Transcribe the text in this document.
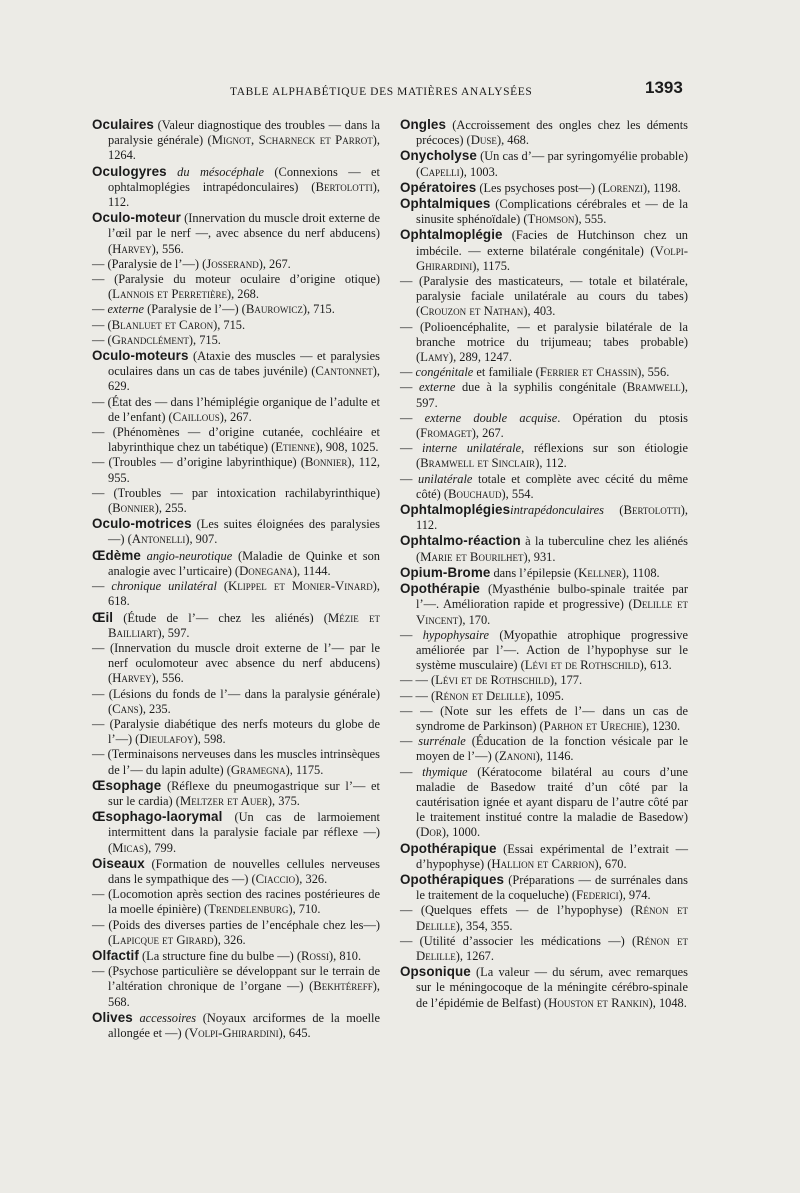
TABLE ALPHABÉTIQUE DES MATIÈRES ANALYSÉES	1393

Oculaires (Valeur diagnostique des troubles — dans la paralysie générale) (Mignot, Scharneck et Parrot), 1264.

Oculogyres du mésocéphale (Connexions — et ophtalmoplégies intrapédonculaires) (Bertolotti), 112.

Oculo-moteur (Innervation du muscle droit externe de l’œil par le nerf —, avec absence du nerf abducens) (Harvey), 556.

— (Paralysie de l’—) (Josserand), 267.

— (Paralysie du moteur oculaire d’origine otique) (Lannois et Perretière), 268.

— externe (Paralysie de l’—) (Baurowicz), 715.

— (Blanluet et Caron), 715.

— (Grandclément), 715.

Oculo-moteurs (Ataxie des muscles — et paralysies oculaires dans un cas de tabes juvénile) (Cantonnet), 629.

— (État des — dans l’hémiplégie organique de l’adulte et de l’enfant) (Caillous), 267.

— (Phénomènes — d’origine cutanée, cochléaire et labyrinthique chez un tabétique) (Etienne), 908, 1025.

— (Troubles — d’origine labyrinthique) (Bonnier), 112, 955.

— (Troubles — par intoxication rachilabyrinthique) (Bonnier), 255.

Oculo-motrices (Les suites éloignées des paralysies —) (Antonelli), 907.

Œdème angio-neurotique (Maladie de Quinke et son analogie avec l’urticaire) (Donegana), 1144.

— chronique unilatéral (Klippel et Monier-Vinard), 618.

Œil (Étude de l’— chez les aliénés) (Mézie et Bailliart), 597.

— (Innervation du muscle droit externe de l’— par le nerf oculomoteur avec absence du nerf abducens) (Harvey), 556.

— (Lésions du fonds de l’— dans la paralysie générale) (Cans), 235.

— (Paralysie diabétique des nerfs moteurs du globe de l’—) (Dieulafoy), 598.

— (Terminaisons nerveuses dans les muscles intrinsèques de l’— du lapin adulte) (Gramegna), 1175.

Œsophage (Réflexe du pneumogastrique sur l’— et sur le cardia) (Meltzer et Auer), 375.

Œsophago-laorymal (Un cas de larmoiement intermittent dans la paralysie faciale par réflexe —) (Micas), 799.

Oiseaux (Formation de nouvelles cellules nerveuses dans le sympathique des —) (Ciaccio), 326.

— (Locomotion après section des racines postérieures de la moelle épinière) (Trendelenburg), 710.

— (Poids des diverses parties de l’encéphale chez les—) (Lapicque et Girard), 326.

Olfactif (La structure fine du bulbe —) (Rossi), 810.

— (Psychose particulière se développant sur le terrain de l’altération chronique de l’organe —) (Bekhtéreff), 568.

Olives accessoires (Noyaux arciformes de la moelle allongée et —) (Volpi-Ghirardini), 645.

Ongles (Accroissement des ongles chez les déments précoces) (Duse), 468.

Onycholyse (Un cas d’— par syringomyélie probable) (Capelli), 1003.

Opératoires (Les psychoses post—) (Lorenzi), 1198.

Ophtalmiques (Complications cérébrales et — de la sinusite sphénoïdale) (Thomson), 555.

Ophtalmoplégie (Facies de Hutchinson chez un imbécile. — externe bilatérale congénitale) (Volpi-Ghirardini), 1175.

— (Paralysie des masticateurs, — totale et bilatérale, paralysie faciale unilatérale au cours du tabes) (Crouzon et Nathan), 403.

— (Polioencéphalite, — et paralysie bilatérale de la branche motrice du trijumeau; tabes probable) (Lamy), 289, 1247.

— congénitale et familiale (Ferrier et Chassin), 556.

— externe due à la syphilis congénitale (Bramwell), 597.

— externe double acquise. Opération du ptosis (Fromaget), 267.

— interne unilatérale, réflexions sur son étiologie (Bramwell et Sinclair), 112.

— unilatérale totale et complète avec cécité du même côté) (Bouchaud), 554.

Ophtalmoplégiesintrapédonculaires (Bertolotti), 112.

Ophtalmo-réaction à la tuberculine chez les aliénés (Marie et Bourilhet), 931.

Opium-Brome dans l’épilepsie (Kellner), 1108.

Opothérapie (Myasthénie bulbo-spinale traitée par l’—. Amélioration rapide et progressive) (Delille et Vincent), 170.

— hypophysaire (Myopathie atrophique progressive améliorée par l’—. Action de l’hypophyse sur le système musculaire) (Lévi et de Rothschild), 613.

— — (Lévi et de Rothschild), 177.

— — (Rénon et Delille), 1095.

— — (Note sur les effets de l’— dans un cas de syndrome de Parkinson) (Parhon et Urechie), 1230.

— surrénale (Éducation de la fonction vésicale par le moyen de l’—) (Zanoni), 1146.

— thymique (Kératocome bilatéral au cours d’une maladie de Basedow traité d’un côté par la cautérisation ignée et ayant disparu de l’autre côté par le traitement institué contre la maladie de Basedow) (Dor), 1000.

Opothérapique (Essai expérimental de l’extrait — d’hypophyse) (Hallion et Carrion), 670.

Opothérapiques (Préparations — de surrénales dans le traitement de la coqueluche) (Federici), 974.

— (Quelques effets — de l’hypophyse) (Rénon et Delille), 354, 355.

— (Utilité d’associer les médications —) (Rénon et Delille), 1267.

Opsonique (La valeur — du sérum, avec remarques sur le méningocoque de la méningite cérébro-spinale de l’épidémie de Belfast) (Houston et Rankin), 1048.
